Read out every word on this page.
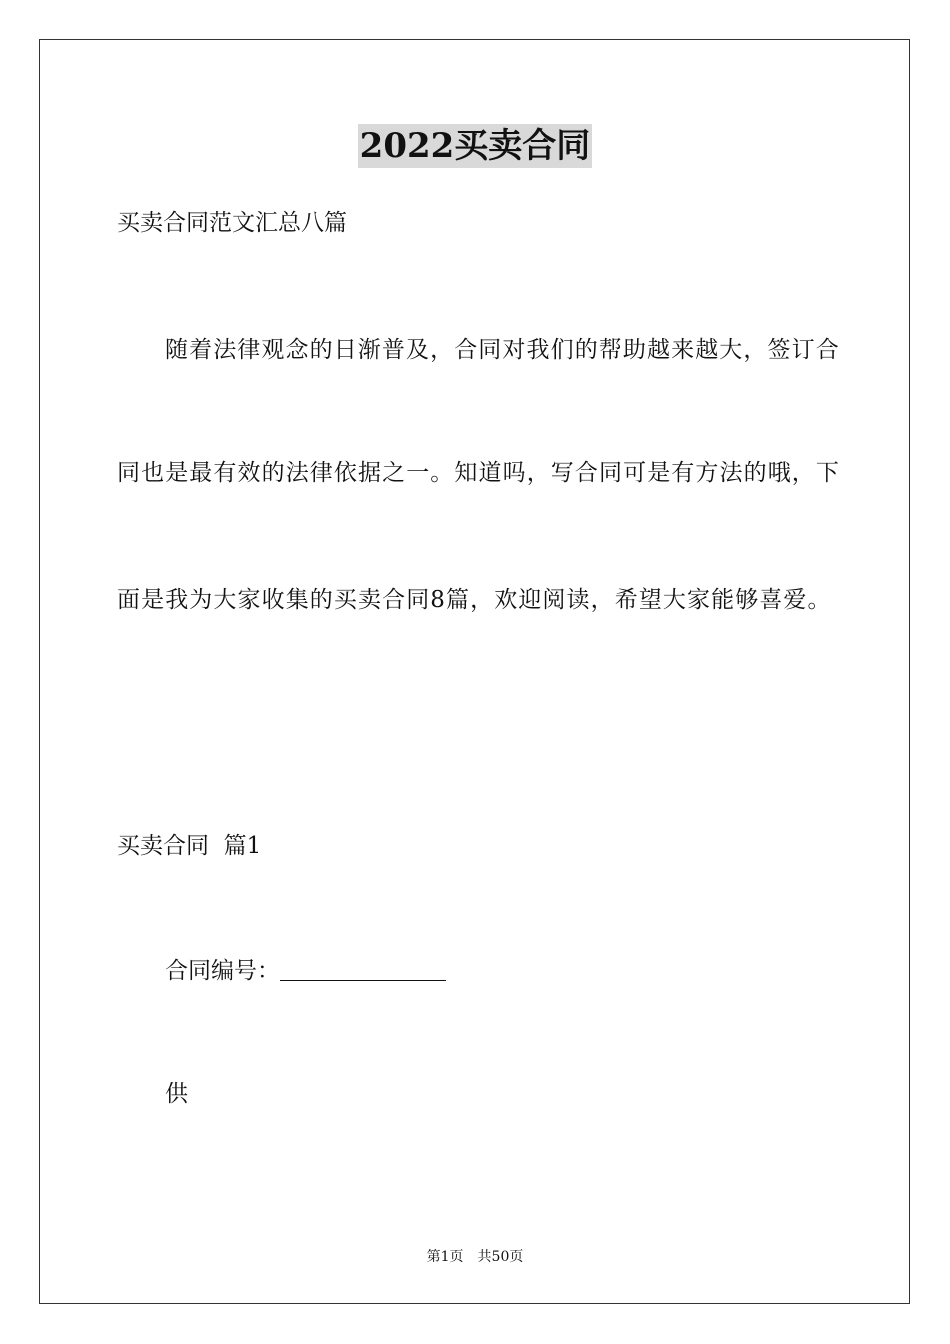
2022买卖合同
买卖合同范文汇总八篇
随着法律观念的日渐普及，合同对我们的帮助越来越大，签订合
同也是最有效的法律依据之一。知道吗，写合同可是有方法的哦，下
面是我为大家收集的买卖合同8篇，欢迎阅读，希望大家能够喜爱。
买卖合同  篇1
合同编号：
供
第1页 共50页
